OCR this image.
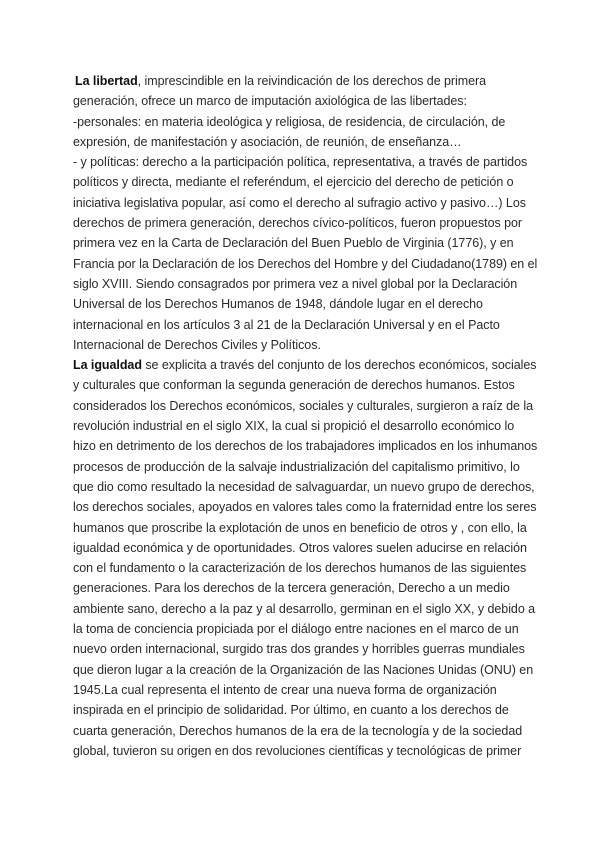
La libertad, imprescindible en la reivindicación de los derechos de primera
generación, ofrece un marco de imputación axiológica de las libertades:
-personales: en materia ideológica y religiosa, de residencia, de circulación, de
expresión, de manifestación y asociación, de reunión, de enseñanza…
- y políticas: derecho a la participación política, representativa, a través de partidos
políticos y directa, mediante el referéndum, el ejercicio del derecho de petición o
iniciativa legislativa popular, así como el derecho al sufragio activo y pasivo…) Los
derechos de primera generación, derechos cívico-políticos, fueron propuestos por
primera vez en la Carta de Declaración del Buen Pueblo de Virginia (1776), y en
Francia por la Declaración de los Derechos del Hombre y del Ciudadano(1789) en el
siglo XVIII. Siendo consagrados por primera vez a nivel global por la Declaración
Universal de los Derechos Humanos de 1948, dándole lugar en el derecho
internacional en los artículos 3 al 21 de la Declaración Universal y en el Pacto
Internacional de Derechos Civiles y Políticos.
La igualdad se explicita a través del conjunto de los derechos económicos, sociales
y culturales que conforman la segunda generación de derechos humanos. Estos
considerados los Derechos económicos, sociales y culturales, surgieron a raíz de la
revolución industrial en el siglo XIX, la cual si propició el desarrollo económico lo
hizo en detrimento de los derechos de los trabajadores implicados en los inhumanos
procesos de producción de la salvaje industrialización del capitalismo primitivo, lo
que dio como resultado la necesidad de salvaguardar, un nuevo grupo de derechos,
los derechos sociales, apoyados en valores tales como la fraternidad entre los seres
humanos que proscribe la explotación de unos en beneficio de otros y , con ello, la
igualdad económica y de oportunidades. Otros valores suelen aducirse en relación
con el fundamento o la caracterización de los derechos humanos de las siguientes
generaciones. Para los derechos de la tercera generación, Derecho a un medio
ambiente sano, derecho a la paz y al desarrollo, germinan en el siglo XX, y debido a
la toma de conciencia propiciada por el diálogo entre naciones en el marco de un
nuevo orden internacional, surgido tras dos grandes y horribles guerras mundiales
que dieron lugar a la creación de la Organización de las Naciones Unidas (ONU) en
1945.La cual representa el intento de crear una nueva forma de organización
inspirada en el principio de solidaridad. Por último, en cuanto a los derechos de
cuarta generación, Derechos humanos de la era de la tecnología y de la sociedad
global, tuvieron su origen en dos revoluciones científicas y tecnológicas de primer
